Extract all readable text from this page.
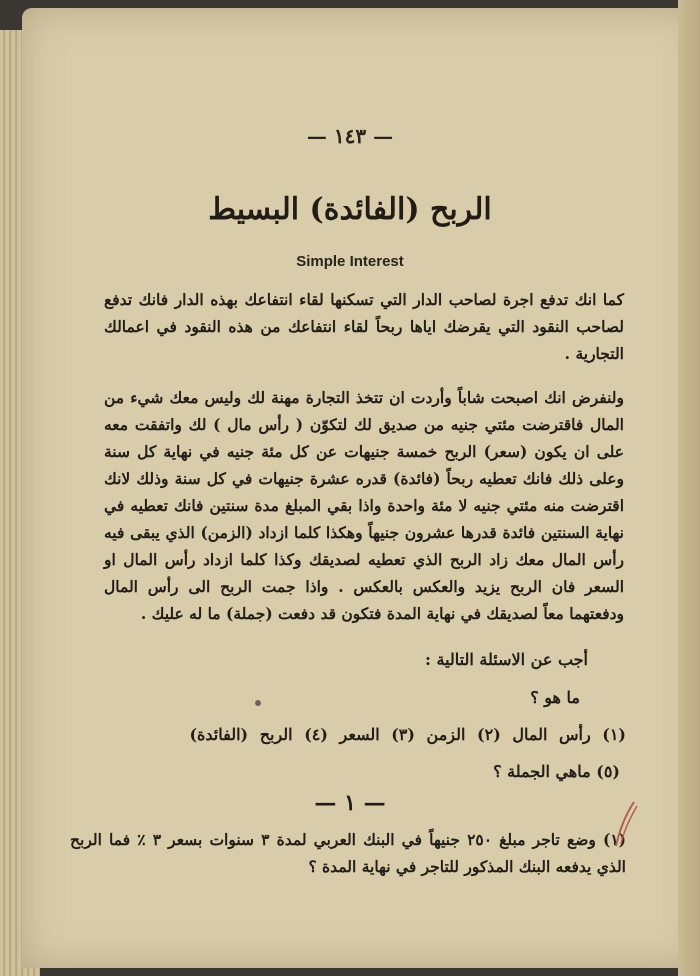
— ١٤٣ —
الربح (الفائدة) البسيط
Simple Interest
كما انك تدفع اجرة لصاحب الدار التي تسكنها لقاء انتفاعك بهذه الدار فانك تدفع لصاحب النقود التي يقرضك اياها ربحاً لقاء انتفاعك من هذه النقود في اعمالك التجارية .
ولنفرض انك اصبحت شاباً وأردت ان تتخذ التجارة مهنة لك وليس معك شيء من المال فاقترضت مئتي جنيه من صديق لك لتكوّن ( رأس مال ) لك واتفقت معه على ان يكون (سعر) الربح خمسة جنيهات عن كل مئة جنيه في نهاية كل سنة وعلى ذلك فانك تعطيه ربحاً (فائدة) قدره عشرة جنيهات في كل سنة وذلك لانك اقترضت منه مئتي جنيه لا مئة واحدة واذا بقي المبلغ مدة سنتين فانك تعطيه في نهاية السنتين فائدة قدرها عشرون جنيهاً وهكذا كلما ازداد (الزمن) الذي يبقى فيه رأس المال معك زاد الربح الذي تعطيه لصديقك وكذا كلما ازداد رأس المال او السعر فان الربح يزيد والعكس بالعكس . واذا جمت الربح الى رأس المال ودفعتهما معاً لصديقك في نهاية المدة فتكون قد دفعت (جملة) ما له عليك .
أجب عن الاسئلة التالية :
ما هو ؟
(١) رأس المال (٢) الزمن (٣) السعر (٤) الربح (الفائدة)
(٥) ماهي الجملة ؟
— ١ —
(١) وضع تاجر مبلغ ٢٥٠ جنيهاً في البنك العربي لمدة ٣ سنوات بسعر ٣ ٪ فما الربح الذي يدفعه البنك المذكور للتاجر في نهاية المدة ؟
